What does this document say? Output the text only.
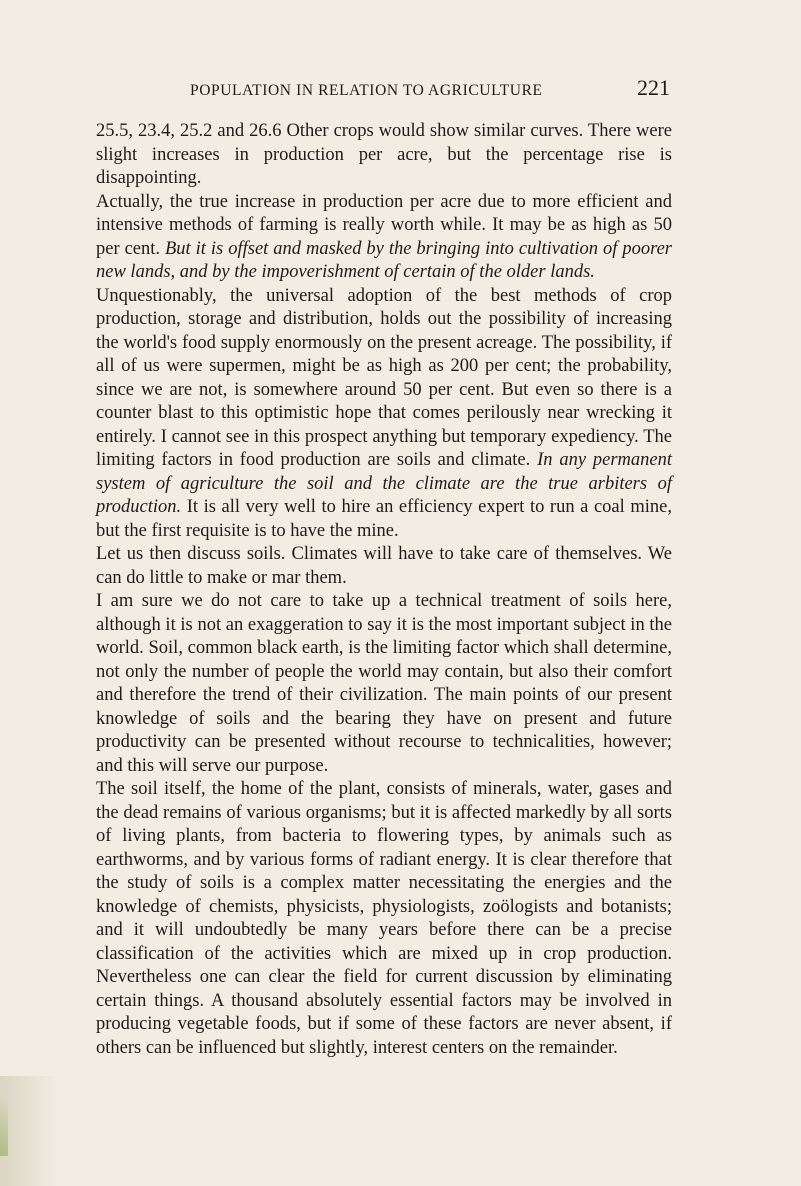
POPULATION IN RELATION TO AGRICULTURE	221

25.5, 23.4, 25.2 and 26.6 Other crops would show similar curves. There were slight increases in production per acre, but the percentage rise is disappointing.

Actually, the true increase in production per acre due to more efficient and intensive methods of farming is really worth while. It may be as high as 50 per cent. But it is offset and masked by the bringing into cultivation of poorer new lands, and by the impoverishment of certain of the older lands.

Unquestionably, the universal adoption of the best methods of crop production, storage and distribution, holds out the possibility of increasing the world's food supply enormously on the present acreage. The possibility, if all of us were supermen, might be as high as 200 per cent; the probability, since we are not, is somewhere around 50 per cent. But even so there is a counter blast to this optimistic hope that comes perilously near wrecking it entirely. I cannot see in this prospect anything but temporary expediency. The limiting factors in food production are soils and climate. In any permanent system of agriculture the soil and the climate are the true arbiters of production. It is all very well to hire an efficiency expert to run a coal mine, but the first requisite is to have the mine.

Let us then discuss soils. Climates will have to take care of themselves. We can do little to make or mar them.

I am sure we do not care to take up a technical treatment of soils here, although it is not an exaggeration to say it is the most important subject in the world. Soil, common black earth, is the limiting factor which shall determine, not only the number of people the world may contain, but also their comfort and therefore the trend of their civilization. The main points of our present knowledge of soils and the bearing they have on present and future productivity can be presented without recourse to technicalities, however; and this will serve our purpose.

The soil itself, the home of the plant, consists of minerals, water, gases and the dead remains of various organisms; but it is affected markedly by all sorts of living plants, from bacteria to flowering types, by animals such as earthworms, and by various forms of radiant energy. It is clear therefore that the study of soils is a complex matter necessitating the energies and the knowledge of chemists, physicists, physiologists, zoölogists and botanists; and it will undoubtedly be many years before there can be a precise classification of the activities which are mixed up in crop production. Nevertheless one can clear the field for current discussion by eliminating certain things. A thousand absolutely essential factors may be involved in producing vegetable foods, but if some of these factors are never absent, if others can be influenced but slightly, interest centers on the remainder.
